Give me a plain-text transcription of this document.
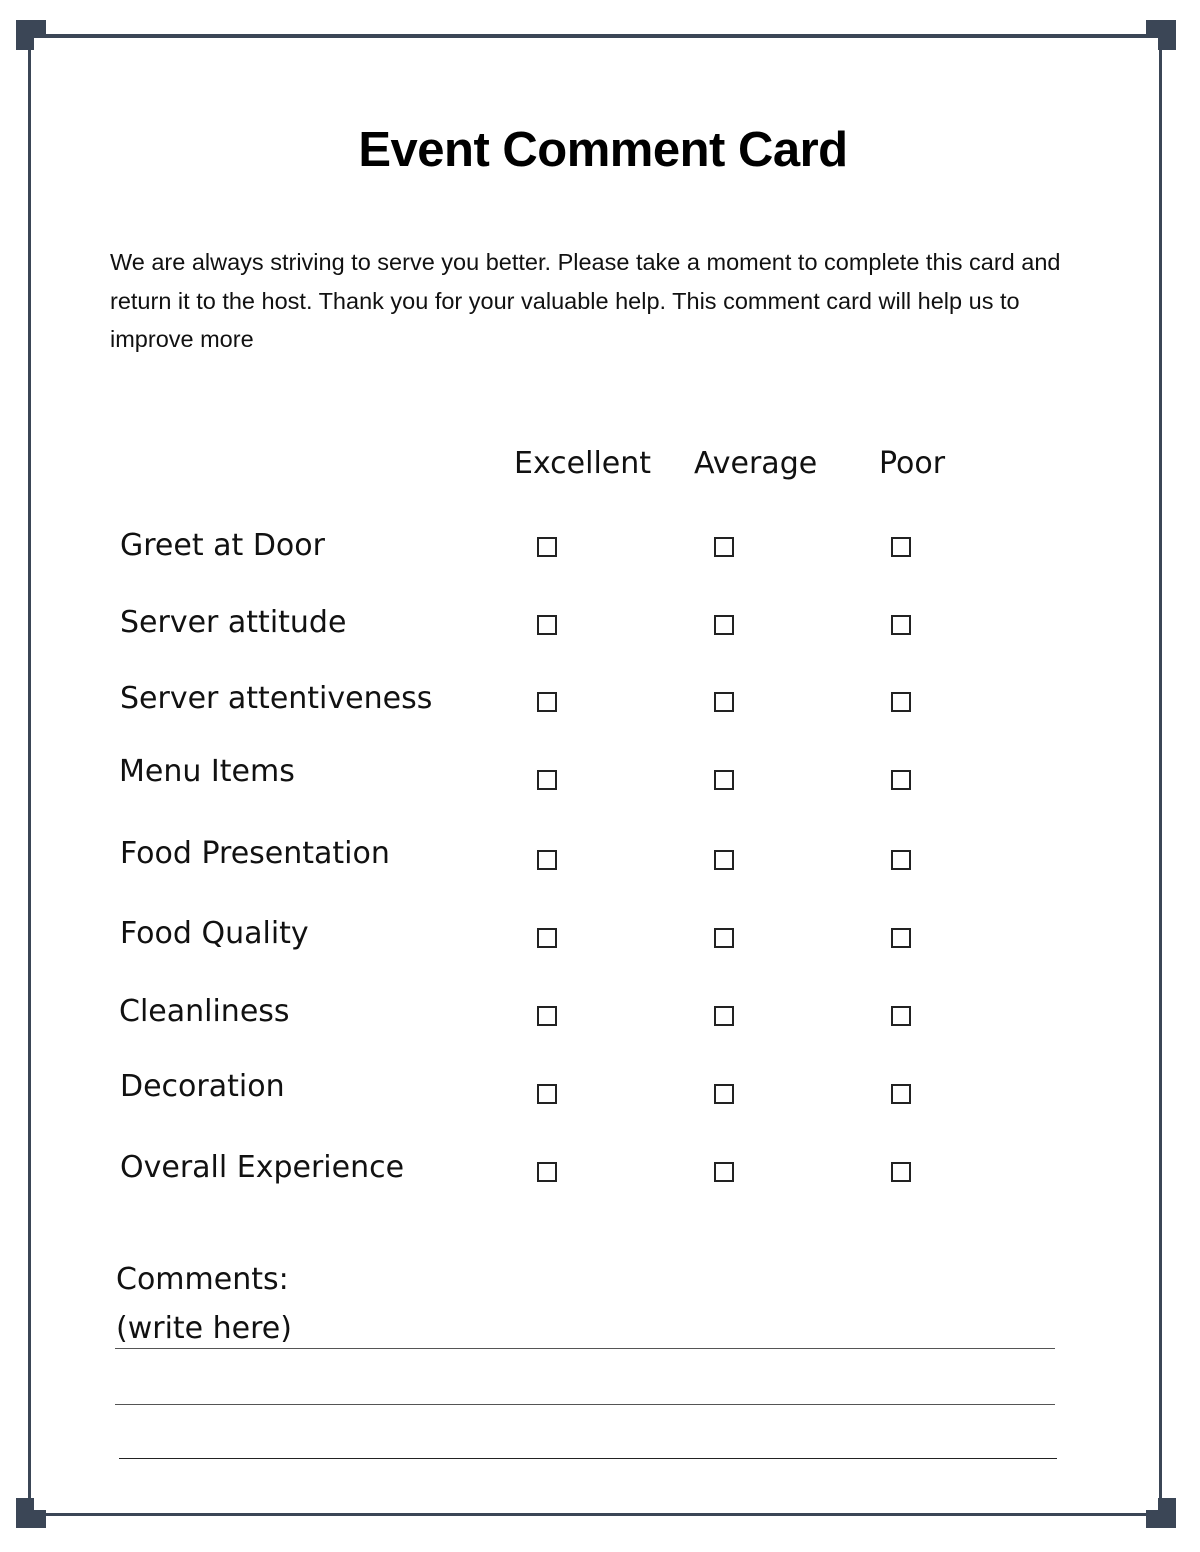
Event Comment Card
We are always striving to serve you better. Please take a moment to complete this card and return it to the host. Thank you for your valuable help. This comment card will help us to improve more
Excellent Average Poor
Greet at Door
Server attitude
Server attentiveness
Menu Items
Food Presentation
Food Quality
Cleanliness
Decoration
Overall Experience
Comments:
(write here)
